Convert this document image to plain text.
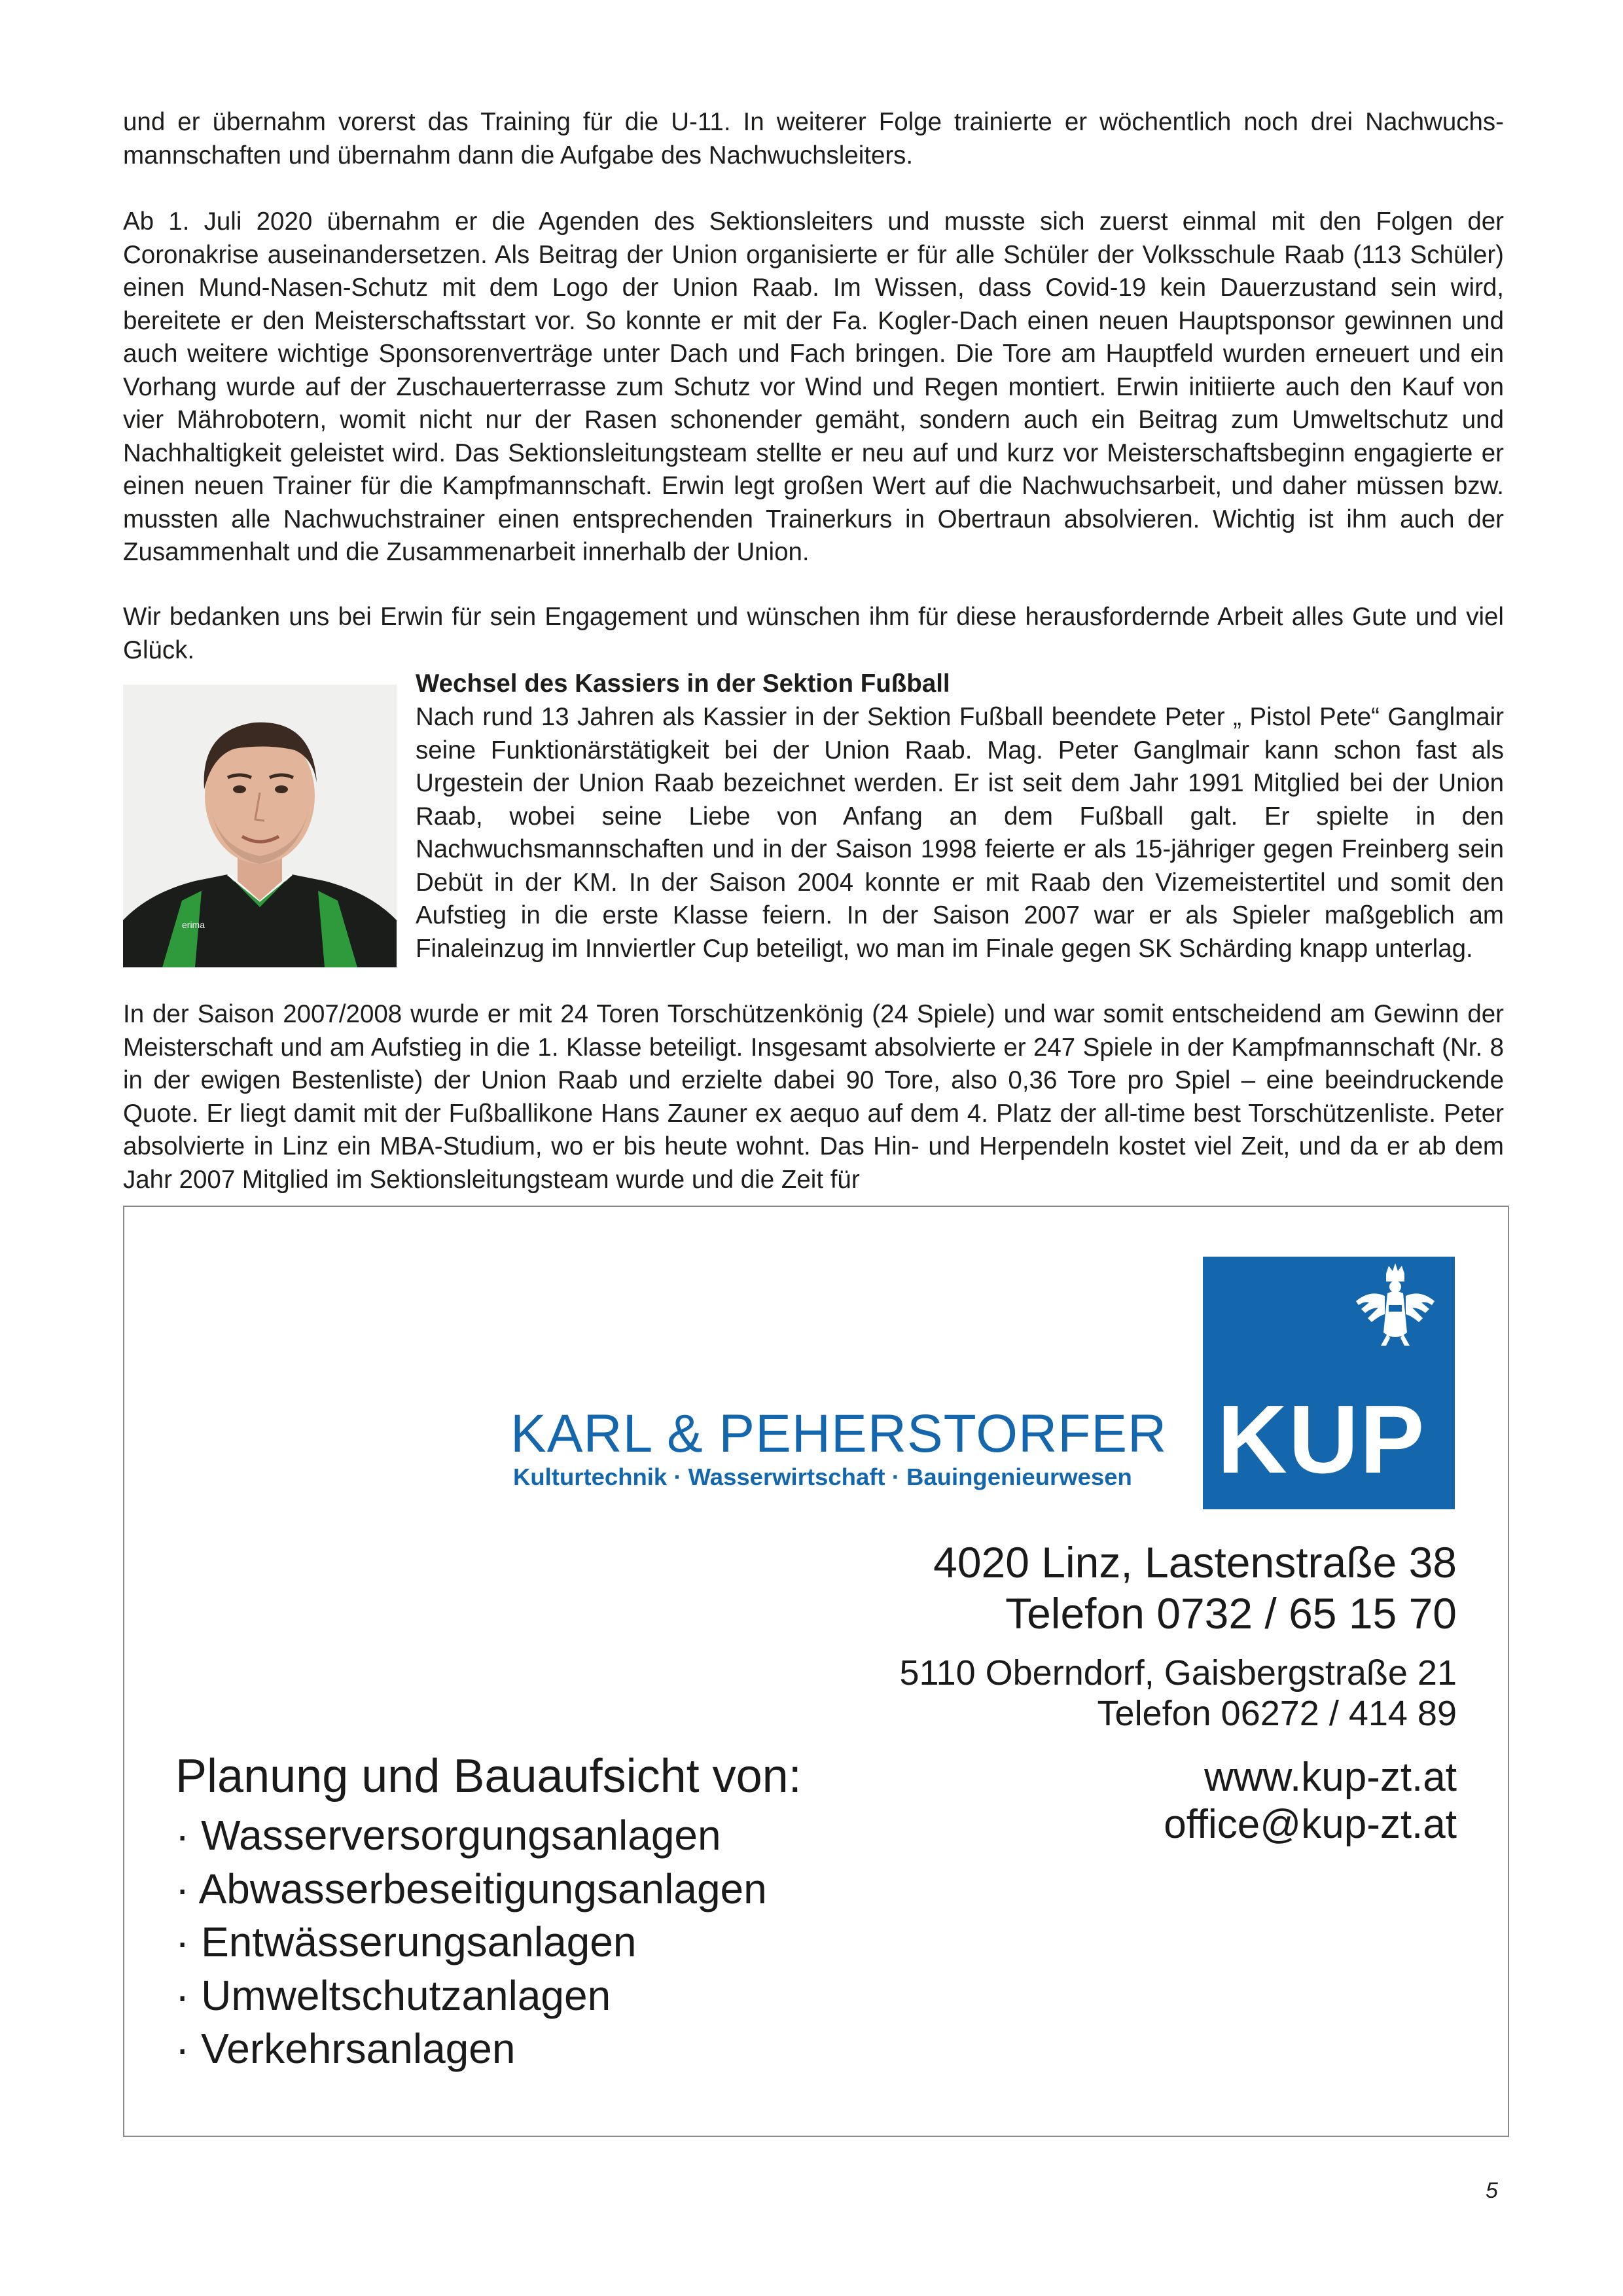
und er übernahm vorerst das Training für die U-11. In weiterer Folge trainierte er wöchentlich noch drei Nachwuchsmannschaften und übernahm dann die Aufgabe des Nachwuchsleiters.

Ab 1. Juli 2020 übernahm er die Agenden des Sektionsleiters und musste sich zuerst einmal mit den Folgen der Coronakrise auseinandersetzen. Als Beitrag der Union organisierte er für alle Schüler der Volksschule Raab (113 Schüler) einen Mund-Nasen-Schutz mit dem Logo der Union Raab. Im Wissen, dass Covid-19 kein Dauerzustand sein wird, bereitete er den Meisterschaftsstart vor. So konnte er mit der Fa. Kogler-Dach einen neuen Hauptsponsor gewinnen und auch weitere wichtige Sponsorenverträge unter Dach und Fach bringen. Die Tore am Hauptfeld wurden erneuert und ein Vorhang wurde auf der Zuschauerterrasse zum Schutz vor Wind und Regen montiert. Erwin initiierte auch den Kauf von vier Mährobotern, womit nicht nur der Rasen schonender gemäht, sondern auch ein Beitrag zum Umweltschutz und Nachhaltigkeit geleistet wird. Das Sektionsleitungsteam stellte er neu auf und kurz vor Meisterschaftsbeginn engagierte er einen neuen Trainer für die Kampfmannschaft. Erwin legt großen Wert auf die Nachwuchsarbeit, und daher müssen bzw. mussten alle Nachwuchstrainer einen entsprechenden Trainerkurs in Obertraun absolvieren. Wichtig ist ihm auch der Zusammenhalt und die Zusammenarbeit innerhalb der Union.

Wir bedanken uns bei Erwin für sein Engagement und wünschen ihm für diese herausfordernde Arbeit alles Gute und viel Glück.

erima

Wechsel des Kassiers in der Sektion Fußball

Nach rund 13 Jahren als Kassier in der Sektion Fußball beendete Peter „ Pistol Pete“ Ganglmair seine Funktionärstätigkeit bei der Union Raab. Mag. Peter Ganglmair kann schon fast als Urgestein der Union Raab bezeichnet werden. Er ist seit dem Jahr 1991 Mitglied bei der Union Raab, wobei seine Liebe von Anfang an dem Fußball galt. Er spielte in den Nachwuchsmannschaften und in der Saison 1998 feierte er als 15-jähriger gegen Freinberg sein Debüt in der KM. In der Saison 2004 konnte er mit Raab den Vizemeistertitel und somit den Aufstieg in die erste Klasse feiern. In der Saison 2007 war er als Spieler maßgeblich am Finaleinzug im Innviertler Cup beteiligt, wo man im Finale gegen SK Schärding knapp unterlag.

In der Saison 2007/2008 wurde er mit 24 Toren Torschützenkönig (24 Spiele) und war somit entscheidend am Gewinn der Meisterschaft und am Aufstieg in die 1. Klasse beteiligt. Insgesamt absolvierte er 247 Spiele in der Kampfmannschaft (Nr. 8 in der ewigen Bestenliste) der Union Raab und erzielte dabei 90 Tore, also 0,36 Tore pro Spiel – eine beeindruckende Quote. Er liegt damit mit der Fußballikone Hans Zauner ex aequo auf dem 4. Platz der all-time best Torschützenliste. Peter absolvierte in Linz ein MBA-Studium, wo er bis heute wohnt. Das Hin- und Herpendeln kostet viel Zeit, und da er ab dem Jahr 2007 Mitglied im Sektionsleitungsteam wurde und die Zeit für

KARL & PEHERSTORFER
Kulturtechnik · Wasserwirtschaft · Bauingenieurwesen KUP
4020 Linz, Lastenstraße 38
Telefon 0732 / 65 15 70
5110 Oberndorf, Gaisbergstraße 21
Telefon 06272 / 414 89
www.kup-zt.at
office@kup-zt.at
Planung und Bauaufsicht von:
· Wasserversorgungsanlagen
· Abwasserbeseitigungsanlagen
· Entwässerungsanlagen
· Umweltschutzanlagen
· Verkehrsanlagen
5
